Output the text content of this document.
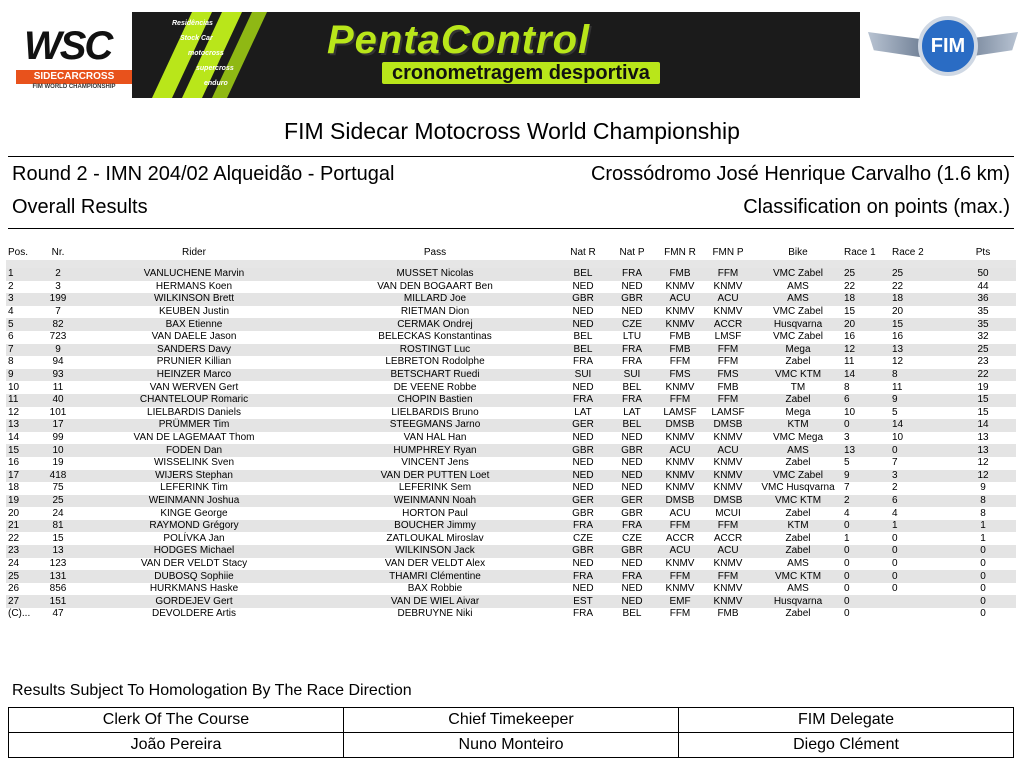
WSC
SIDECARCROSS
FIM WORLD CHAMPIONSHIP
Residências
Stock Car
motocross
supercross
enduro
PentaControl
cronometragem desportiva
FIM
FIM Sidecar Motocross World Championship
Round 2 - IMN 204/02 Alqueidão - Portugal	Crossódromo José Henrique Carvalho (1.6 km)
Overall Results	Classification on points (max.)
Pos.	Nr.	Rider	Pass	Nat R	Nat P	FMN R	FMN P	Bike	Race 1	Race 2	Pts

1	2	VANLUCHENE Marvin	MUSSET Nicolas	BEL	FRA	FMB	FFM	VMC Zabel	25	25	50
2	3	HERMANS Koen	VAN DEN BOGAART Ben	NED	NED	KNMV	KNMV	AMS	22	22	44
3	199	WILKINSON Brett	MILLARD Joe	GBR	GBR	ACU	ACU	AMS	18	18	36
4	7	KEUBEN Justin	RIETMAN Dion	NED	NED	KNMV	KNMV	VMC Zabel	15	20	35
5	82	BAX Etienne	CERMAK Ondrej	NED	CZE	KNMV	ACCR	Husqvarna	20	15	35
6	723	VAN DAELE Jason	BELECKAS Konstantinas	BEL	LTU	FMB	LMSF	VMC Zabel	16	16	32
7	9	SANDERS Davy	ROSTINGT Luc	BEL	FRA	FMB	FFM	Mega	12	13	25
8	94	PRUNIER Killian	LEBRETON Rodolphe	FRA	FRA	FFM	FFM	Zabel	11	12	23
9	93	HEINZER Marco	BETSCHART Ruedi	SUI	SUI	FMS	FMS	VMC KTM	14	8	22
10	11	VAN WERVEN Gert	DE VEENE Robbe	NED	BEL	KNMV	FMB	TM	8	11	19
11	40	CHANTELOUP Romaric	CHOPIN Bastien	FRA	FRA	FFM	FFM	Zabel	6	9	15
12	101	LIELBARDIS Daniels	LIELBARDIS Bruno	LAT	LAT	LAMSF	LAMSF	Mega	10	5	15
13	17	PRÜMMER Tim	STEEGMANS Jarno	GER	BEL	DMSB	DMSB	KTM	0	14	14
14	99	VAN DE LAGEMAAT Thom	VAN HAL Han	NED	NED	KNMV	KNMV	VMC Mega	3	10	13
15	10	FODEN Dan	HUMPHREY Ryan	GBR	GBR	ACU	ACU	AMS	13	0	13
16	19	WISSELINK Sven	VINCENT Jens	NED	NED	KNMV	KNMV	Zabel	5	7	12
17	418	WIJERS Stephan	VAN DER PUTTEN Loet	NED	NED	KNMV	KNMV	VMC Zabel	9	3	12
18	75	LEFERINK Tim	LEFERINK Sem	NED	NED	KNMV	KNMV	VMC Husqvarna	7	2	9
19	25	WEINMANN Joshua	WEINMANN Noah	GER	GER	DMSB	DMSB	VMC KTM	2	6	8
20	24	KINGE George	HORTON Paul	GBR	GBR	ACU	MCUI	Zabel	4	4	8
21	81	RAYMOND Grégory	BOUCHER Jimmy	FRA	FRA	FFM	FFM	KTM	0	1	1
22	15	POLÍVKA Jan	ZATLOUKAL Miroslav	CZE	CZE	ACCR	ACCR	Zabel	1	0	1
23	13	HODGES Michael	WILKINSON Jack	GBR	GBR	ACU	ACU	Zabel	0	0	0
24	123	VAN DER VELDT Stacy	VAN DER VELDT Alex	NED	NED	KNMV	KNMV	AMS	0	0	0
25	131	DUBOSQ Sophiie	THAMRI Clémentine	FRA	FRA	FFM	FFM	VMC KTM	0	0	0
26	856	HURKMANS Haske	BAX Robbie	NED	NED	KNMV	KNMV	AMS	0	0	0
27	151	GORDEJEV Gert	VAN DE WIEL Aivar	EST	NED	EMF	KNMV	Husqvarna	0		0
(C)...	47	DEVOLDERE Artis	DEBRUYNE Niki	FRA	BEL	FFM	FMB	Zabel	0		0
Results Subject To Homologation By The Race Direction
Clerk Of The Course	Chief Timekeeper	FIM Delegate
João Pereira	Nuno Monteiro	Diego Clément
